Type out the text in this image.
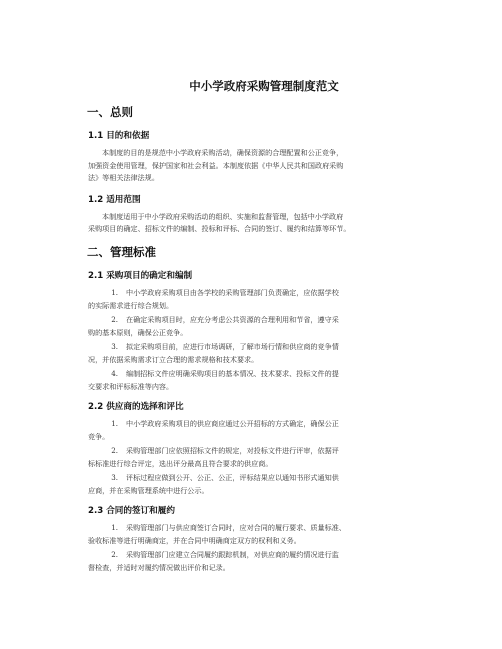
中小学政府采购管理制度范文
一、总则
1.1 目的和依据
本制度的目的是规范中小学政府采购活动，确保资源的合理配置和公正竞争，
加强资金使用管理，保护国家和社会利益。本制度依据《中华人民共和国政府采购
法》等相关法律法规。
1.2 适用范围
本制度适用于中小学政府采购活动的组织、实施和监督管理，包括中小学政府
采购项目的确定、招标文件的编制、投标和评标、合同的签订、履约和结算等环节。
二、管理标准
2.1 采购项目的确定和编制
1. 中小学政府采购项目由各学校的采购管理部门负责确定，应依据学校
的实际需求进行综合规划。
2. 在确定采购项目时，应充分考虑公共资源的合理利用和节省，遵守采
购的基本原则，确保公正竞争。
3. 拟定采购项目前，应进行市场调研，了解市场行情和供应商的竞争情
况，并依据采购需求订立合理的需求规格和技术要求。
4. 编制招标文件应明确采购项目的基本情况、技术要求、投标文件的提
交要求和评标标准等内容。
2.2 供应商的选择和评比
1. 中小学政府采购项目的供应商应通过公开招标的方式确定，确保公正
竞争。
2. 采购管理部门应依照招标文件的规定，对投标文件进行评审，依据评
标标准进行综合评定，选出评分最高且符合要求的供应商。
3. 评标过程应做到公开、公正、公正，评标结果应以通知书形式通知供
应商，并在采购管理系统中进行公示。
2.3 合同的签订和履约
1. 采购管理部门与供应商签订合同时，应对合同的履行要求、质量标准、
验收标准等进行明确商定，并在合同中明确商定双方的权利和义务。
2. 采购管理部门应建立合同履约跟踪机制，对供应商的履约情况进行监
督检查，并适时对履约情况做出评价和记录。
